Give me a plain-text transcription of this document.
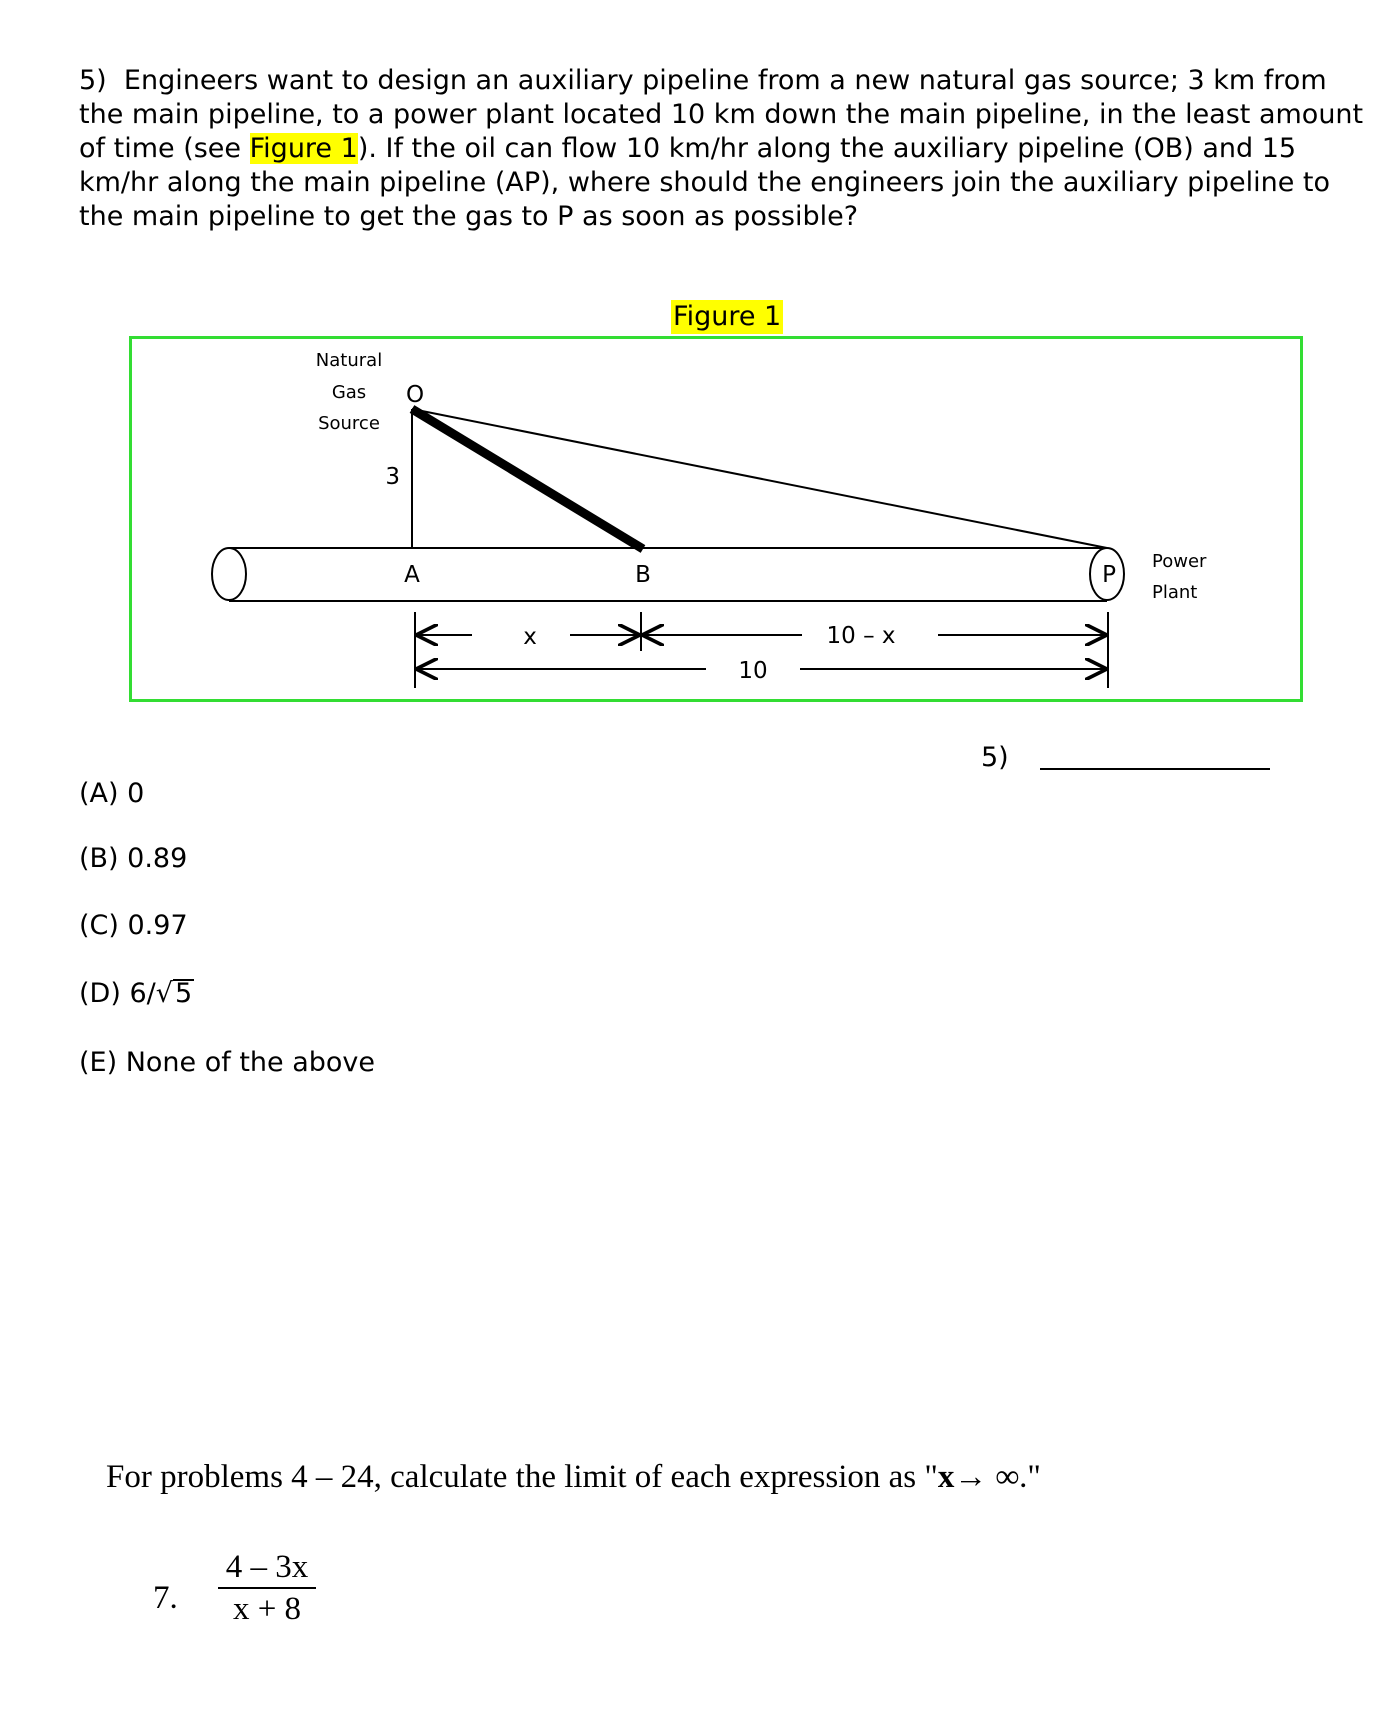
5) Engineers want to design an auxiliary pipeline from a new natural gas source; 3 km from the main pipeline, to a power plant located 10 km down the main pipeline, in the least amount of time (see Figure 1). If the oil can flow 10 km/hr along the auxiliary pipeline (OB) and 15 km/hr along the main pipeline (AP), where should the engineers join the auxiliary pipeline to the main pipeline to get the gas to P as soon as possible?

Figure 1
Natural
Gas
Source
O
3
A	B	P
Power
Plant
x	10 – x
10
5)
(A) 0
(B) 0.89
(C) 0.97
(D) 6/√5
(E) None of the above
For problems 4 – 24, calculate the limit of each expression as "x→ ∞."
7. $\frac{4 - 3x}{x + 8}$
